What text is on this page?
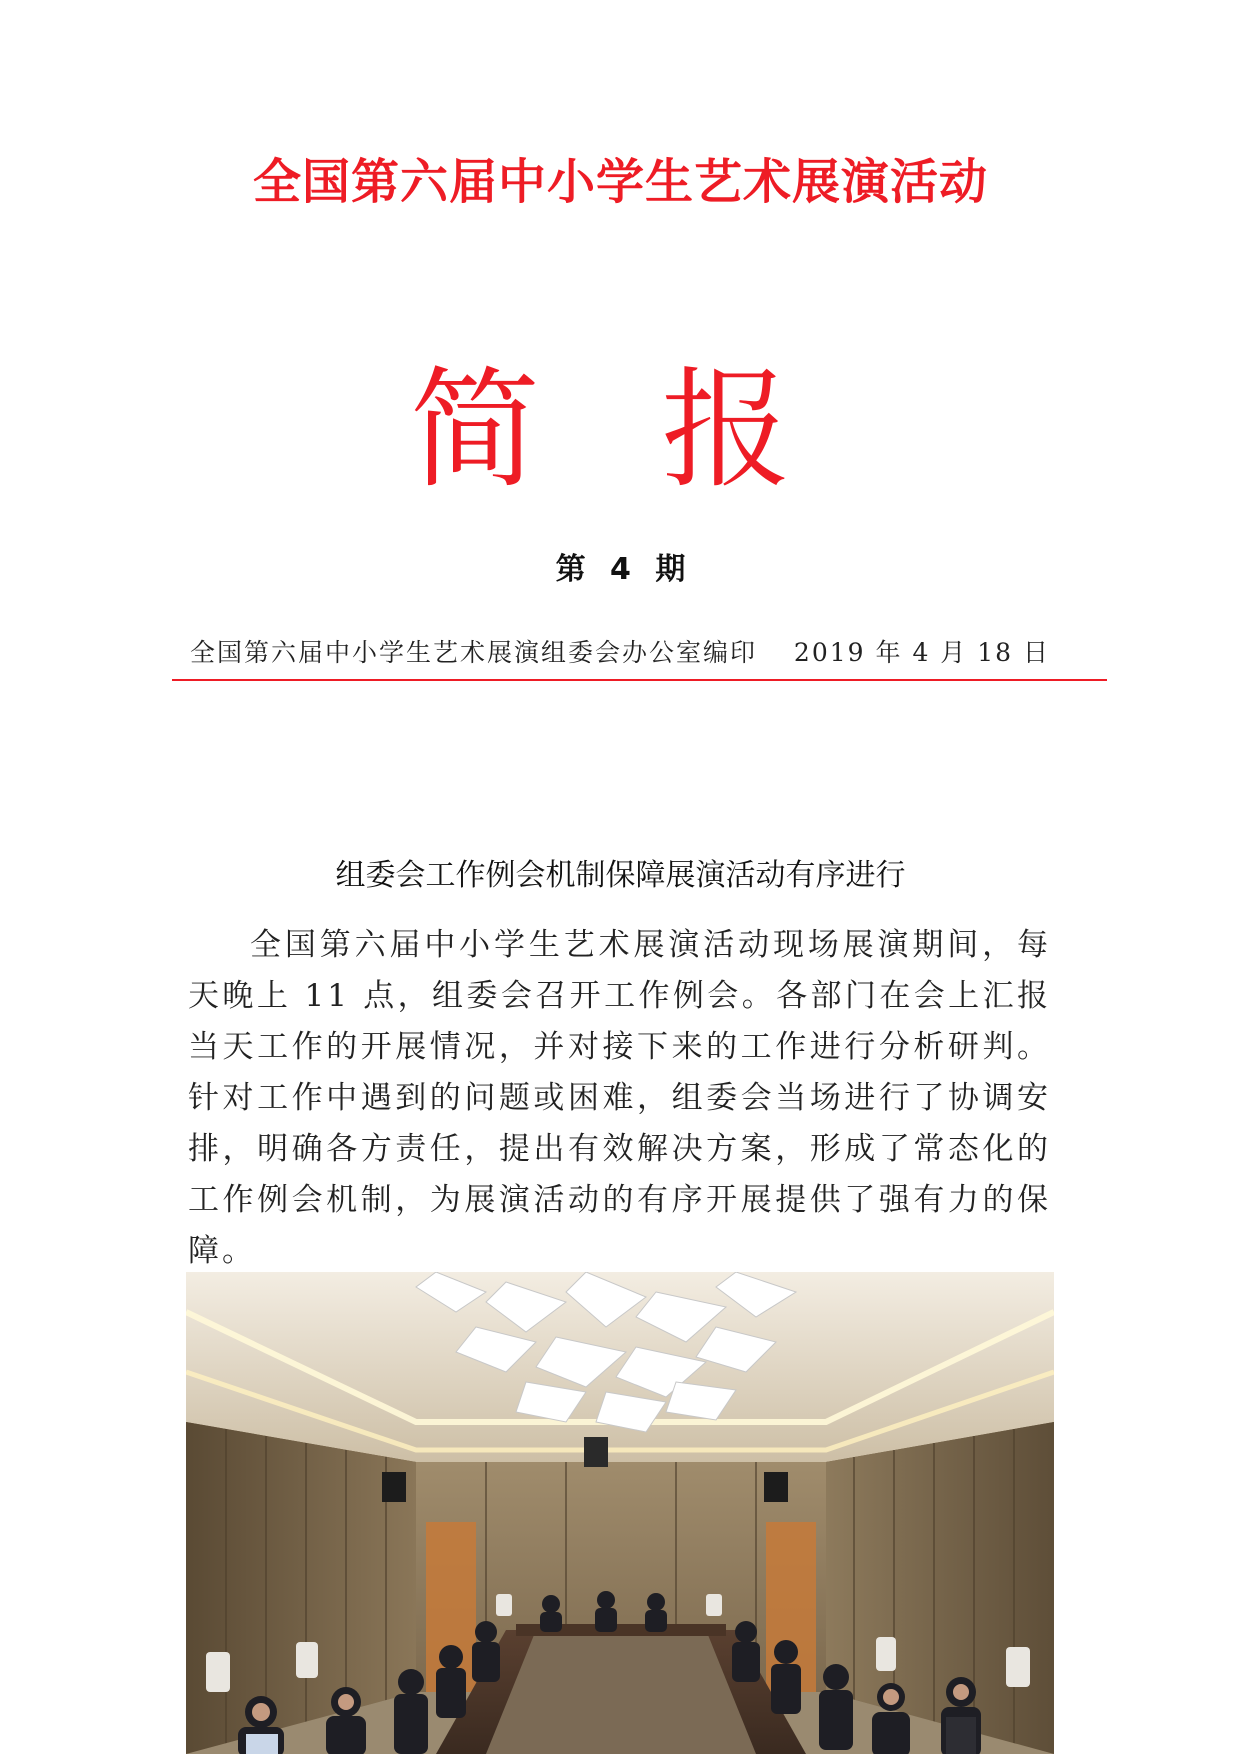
全国第六届中小学生艺术展演活动
简 报
第 4 期
全国第六届中小学生艺术展演组委会办公室编印 2019 年 4 月 18 日
组委会工作例会机制保障展演活动有序进行

全国第六届中小学生艺术展演活动现场展演期间，每天晚上 11 点，组委会召开工作例会。各部门在会上汇报当天工作的开展情况，并对接下来的工作进行分析研判。针对工作中遇到的问题或困难，组委会当场进行了协调安排，明确各方责任，提出有效解决方案，形成了常态化的工作例会机制，为展演活动的有序开展提供了强有力的保障。
